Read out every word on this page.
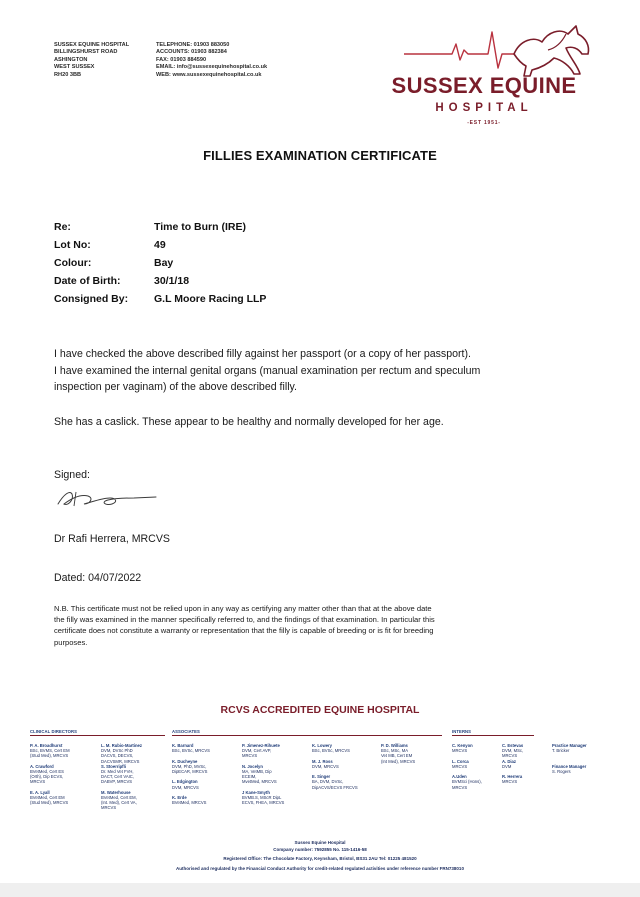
SUSSEX EQUINE HOSPITAL
BILLINGSHURST ROAD
ASHINGTON
WEST SUSSEX
RH20 3BB
TELEPHONE: 01903 883050
ACCOUNTS: 01903 882384
FAX: 01903 884590
EMAIL: info@sussexequinehospital.co.uk
WEB: www.sussexequinehospital.co.uk	SUSSEX EQUINE
HOSPITAL
-EST 1951-
FILLIES EXAMINATION CERTIFICATE
Re:	Time to Burn (IRE)
Lot No:	49
Colour:	Bay
Date of Birth:	30/1/18
Consigned By: G.L Moore Racing LLP
I have checked the above described filly against her passport (or a copy of her passport).
I have examined the internal genital organs (manual examination per rectum and speculum
inspection per vaginam) of the above described filly.
She has a caslick. These appear to be healthy and normally developed for her age.
Signed:
Dr Rafi Herrera, MRCVS
Dated: 04/07/2022
N.B. This certificate must not be relied upon in any way as certifying any matter other than that at the above date
the filly was examined in the manner specifically referred to, and the findings of that examination. In particular this
certificate does not constitute a warranty or representation that the filly is capable of breeding or is fit for breeding
purposes.
RCVS ACCREDITED EQUINE HOSPITAL
CLINICAL DIRECTORS	ASSOCIATES	INTERNS
P. A. Broadhurst
BSc, BVMS, Cert EM
(Stud Med), MRCVS

A. Crawford
BVetMed, Cert ES
(Orth), Dip ECVS,
MRCVS

E. A. Lyall
BVetMed, Cert EM
(Stud Med), MRCVS
L. M. Rubio-Martinez
DVM, DVSc PhD
DACVS, DECVS,
DACVSMR, MRCVS
S. Stoerripfli
Dr. Med Vet FVH,
DACT, Cert VAIC,
DABVP, MRCVS

M. Waterhouse
BVetMed, Cert EM,
(Int. Med), Cert VA,
MRCVS
K. Barnard
BSc, BVSc, MRCVS

K. Ducheyne
DVM, PhD, MVSc,
DipECAR, MRCVS

L. Edgington
DVM, MRCVS

K. Erde
BVetMed, MRCVS
P. Jimenez-Rihuete
DVM, Cert AVP,
MRCVS

N. Jocelyn
MA, VetMB, Dip
ECEIM,
MvetMed, MRCVS

J Kane-Smyth
BVMB.S, MScR DipL
ECVS, FHEA, MRCVS
K. Lowery
BSc, BVSc, MRCVS

M. J. Ross
DVM, MRCVS

E. Singer
BA, DVM, DVSc,
DipACVS/ECVS FRCVS
P. D. Williams
BSc, MSc, MA
Vet MB, Cert EM
(Int Med), MRCVS
C. Kenyon
MRCVS

L. Corca
MRCVS

A.Uden
BVMSci (Hons),
MRCVS
C. Estevas
DVM, MSc,
MRCVS
A. Diaz
DVM

R. Herrera
MRCVS
Practice Manager
T. Bricker

Finance Manager
S. Rogers
Sussex Equine Hospital
Company number: 7592855 No. 115-1416-58
Registered Office: The Chocolate Factory, Keynsham, Bristol, BS31 2AU Tel: 01225 481520
Authorised and regulated by the Financial Conduct Authority for credit-related regulated activities under reference number FRN738010
